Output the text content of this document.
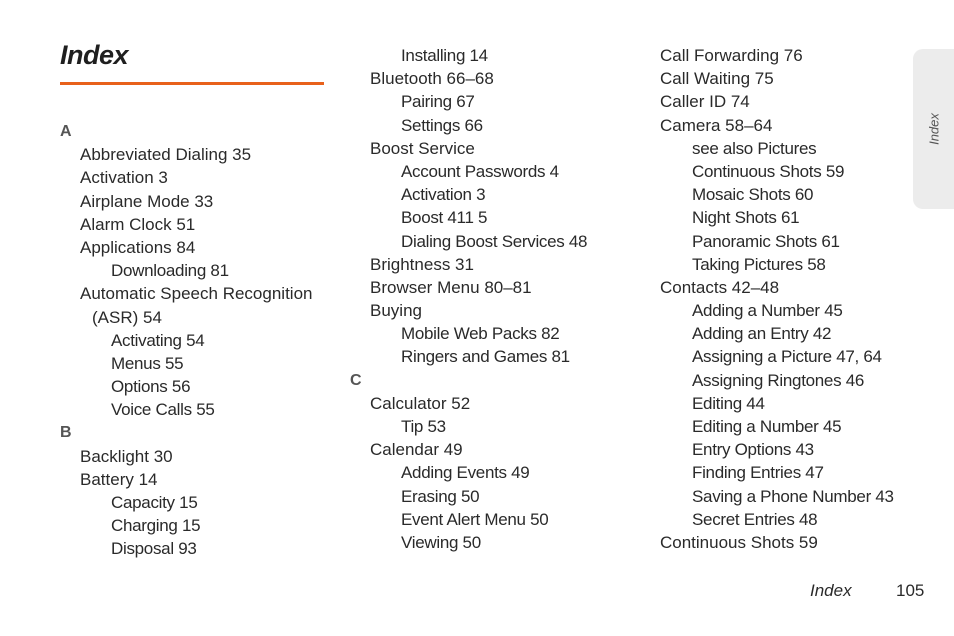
Index
A
Abbreviated Dialing 35
Activation 3
Airplane Mode 33
Alarm Clock 51
Applications 84
Downloading 81
Automatic Speech Recognition
(ASR) 54
Activating 54
Menus 55
Options 56
Voice Calls 55
B
Backlight 30
Battery 14
Capacity 15
Charging 15
Disposal 93
Installing 14
Bluetooth 66–68
Pairing 67
Settings 66
Boost Service
Account Passwords 4
Activation 3
Boost 411 5
Dialing Boost Services 48
Brightness 31
Browser Menu 80–81
Buying
Mobile Web Packs 82
Ringers and Games 81
C
Calculator 52
Tip 53
Calendar 49
Adding Events 49
Erasing 50
Event Alert Menu 50
Viewing 50
Call Forwarding 76
Call Waiting 75
Caller ID 74
Camera 58–64
see also Pictures
Continuous Shots 59
Mosaic Shots 60
Night Shots 61
Panoramic Shots 61
Taking Pictures 58
Contacts 42–48
Adding a Number 45
Adding an Entry 42
Assigning a Picture 47, 64
Assigning Ringtones 46
Editing 44
Editing a Number 45
Entry Options 43
Finding Entries 47
Saving a Phone Number 43
Secret Entries 48
Continuous Shots 59
Index
Index	105
